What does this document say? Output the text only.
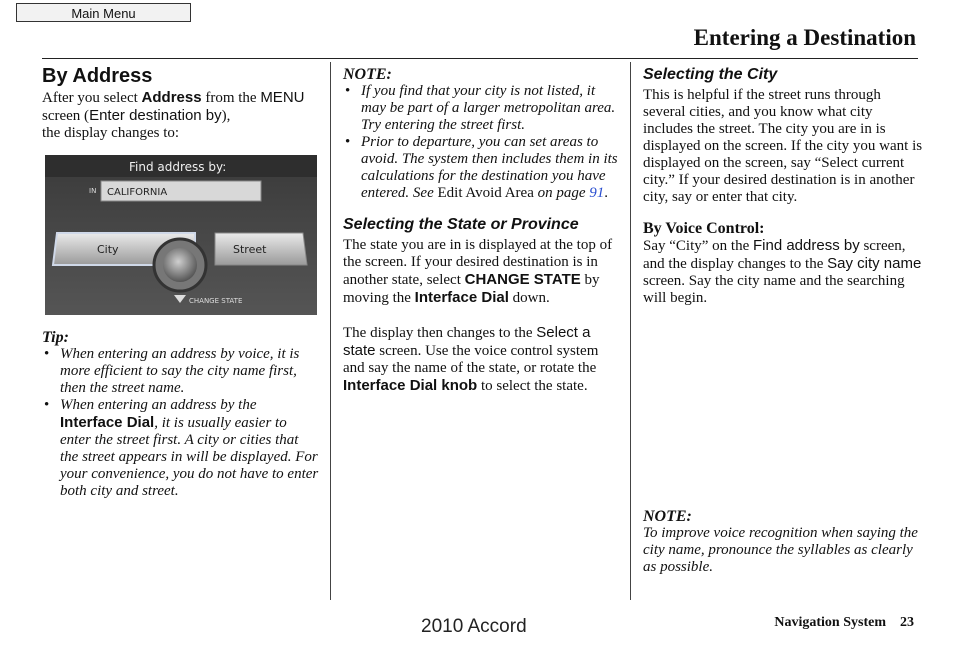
Main Menu
Entering a Destination
By Address

After you select Address from the MENU screen (Enter destination by),
the display changes to:

Find address by:
IN CALIFORNIA
City	Street
CHANGE STATE

Tip:

• When entering an address by voice, it is more efficient to say the city name first, then the street name.
• When entering an address by the Interface Dial, it is usually easier to enter the street first. A city or cities that the street appears in will be displayed. For your convenience, you do not have to enter both city and street.

NOTE:

• If you find that your city is not listed, it may be part of a larger metropolitan area. Try entering the street first.
• Prior to departure, you can set areas to avoid. The system then includes them in its calculations for the destination you have entered. See Edit Avoid Area on page 91.
Selecting the State or Province

The state you are in is displayed at the top of the screen. If your desired destination is in another state, select CHANGE STATE by moving the Interface Dial down.

The display then changes to the Select a state screen. Use the voice control system and say the name of the state, or rotate the Interface Dial knob to select the state.

Selecting the City

This is helpful if the street runs through several cities, and you know what city includes the street. The city you are in is displayed on the screen. If the city you want is displayed on the screen, say “Select current city.” If your desired destination is in another city, say or enter that city.

By Voice Control:

Say “City” on the Find address by screen, and the display changes to the Say city name screen. Say the city name and the searching will begin.

NOTE:

To improve voice recognition when saying the city name, pronounce the syllables as clearly as possible.

Navigation System 23
2010 Accord
